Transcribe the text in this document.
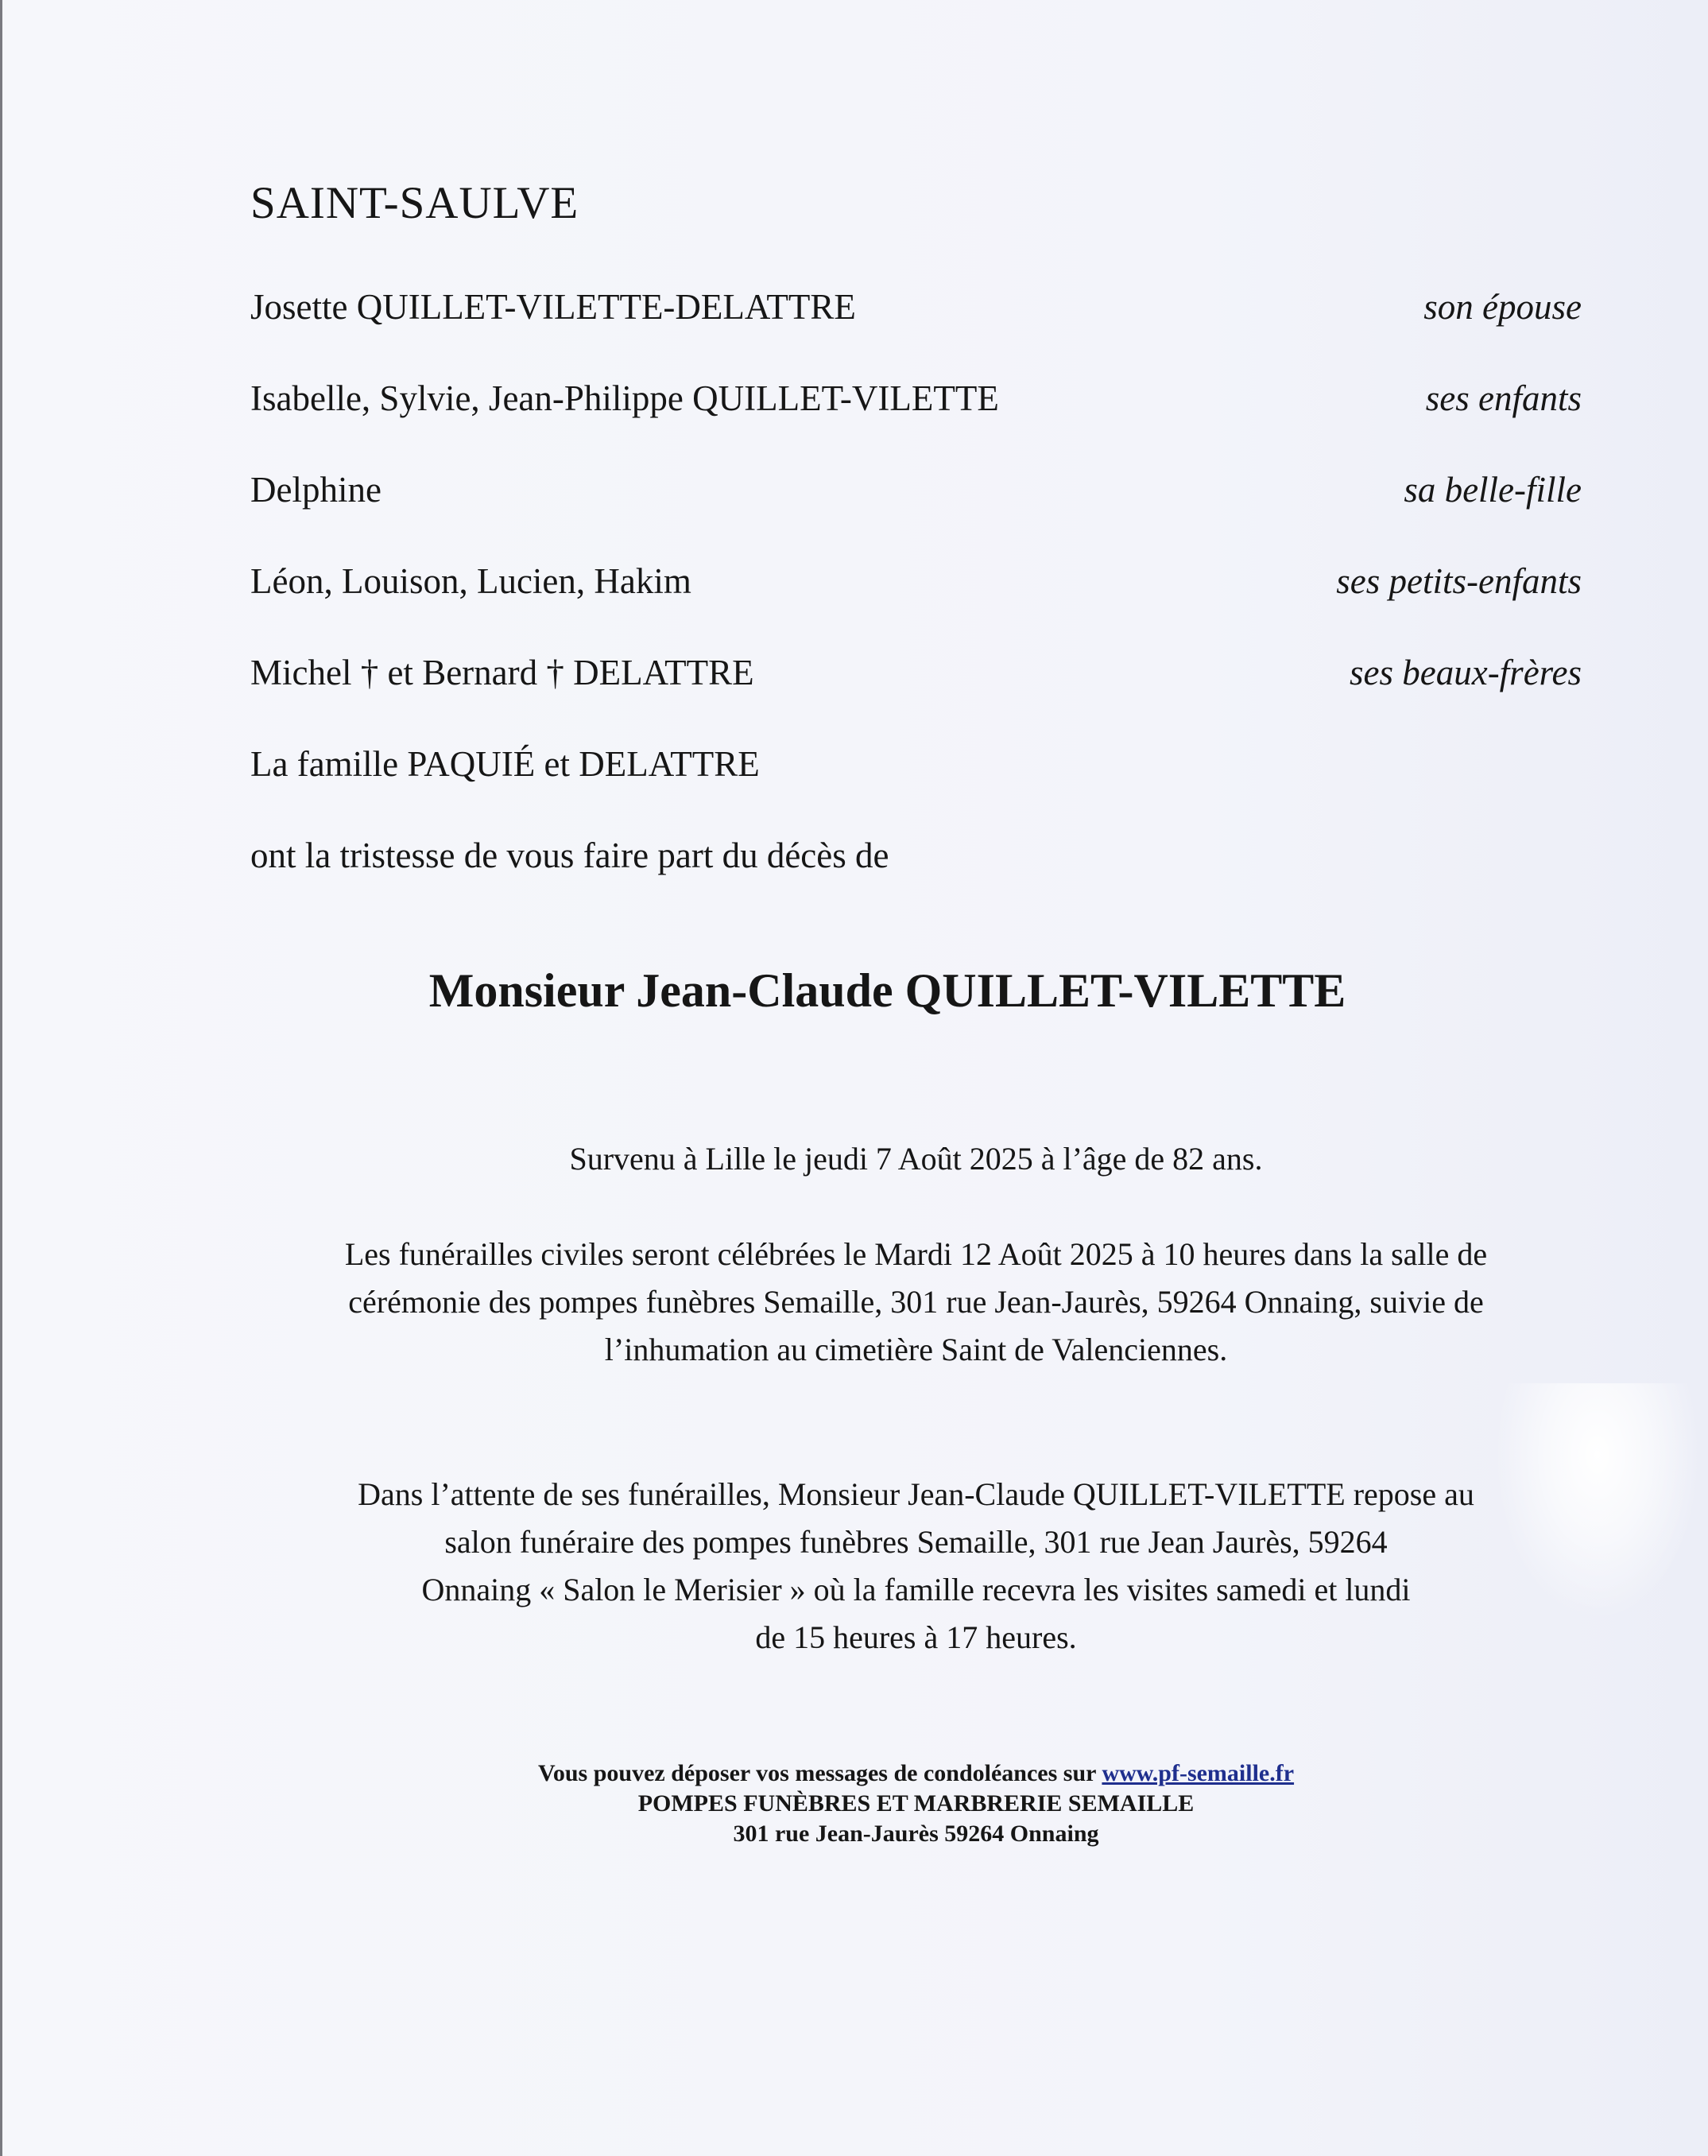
SAINT-SAULVE
Josette QUILLET-VILETTE-DELATTRE	son épouse
Isabelle, Sylvie, Jean-Philippe QUILLET-VILETTE	ses enfants
Delphine	sa belle-fille
Léon, Louison, Lucien, Hakim	ses petits-enfants
Michel † et Bernard † DELATTRE	ses beaux-frères
La famille PAQUIÉ et DELATTRE
ont la tristesse de vous faire part du décès de
Monsieur Jean-Claude QUILLET-VILETTE
Survenu à Lille le jeudi 7 Août 2025 à l’âge de 82 ans.
Les funérailles civiles seront célébrées le Mardi 12 Août 2025 à 10 heures dans la salle de
cérémonie des pompes funèbres Semaille, 301 rue Jean-Jaurès, 59264 Onnaing, suivie de
l’inhumation au cimetière Saint de Valenciennes.
Dans l’attente de ses funérailles, Monsieur Jean-Claude QUILLET-VILETTE repose au
salon funéraire des pompes funèbres Semaille, 301 rue Jean Jaurès, 59264
Onnaing « Salon le Merisier » où la famille recevra les visites samedi et lundi
de 15 heures à 17 heures.
Vous pouvez déposer vos messages de condoléances sur www.pf-semaille.fr
POMPES FUNÈBRES ET MARBRERIE SEMAILLE
301 rue Jean-Jaurès 59264 Onnaing
